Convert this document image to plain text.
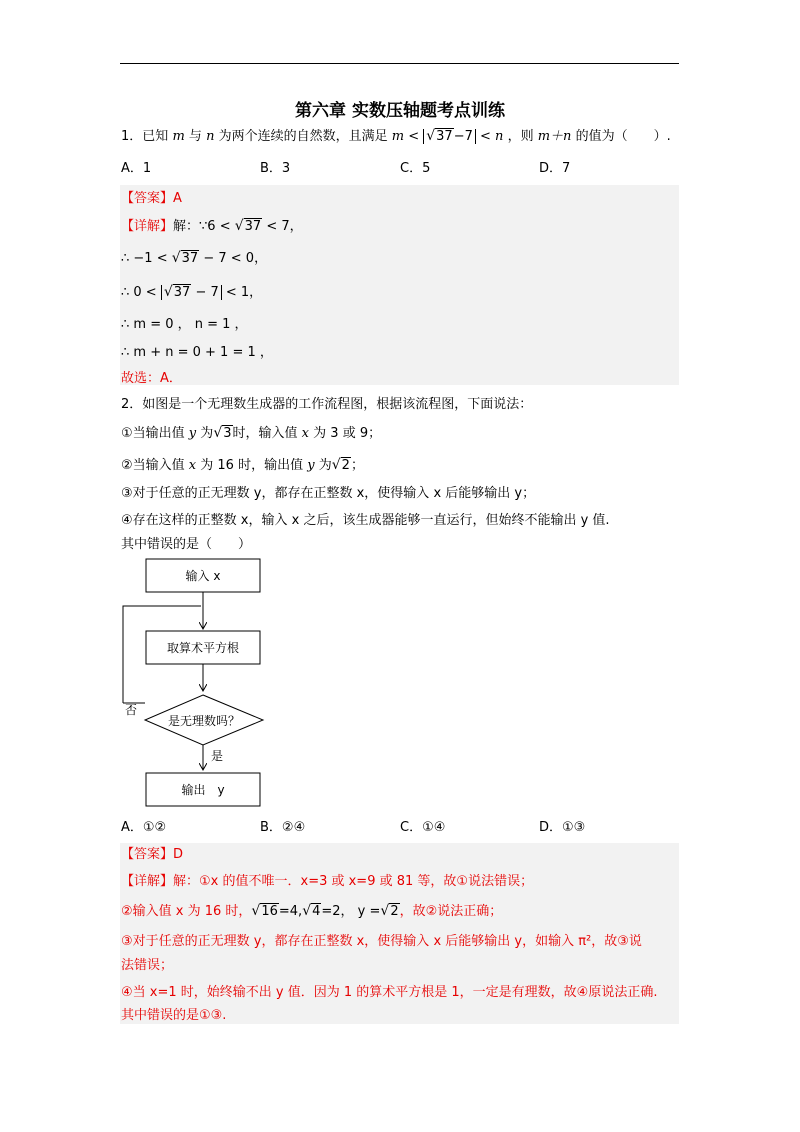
第六章 实数压轴题考点训练
1．已知 m 与 n 为两个连续的自然数，且满足 m < √37−7 < n ，则 m＋n 的值为（　　）.
A．1	B．3	C．5	D．7
【答案】A
【详解】解：∵6 < √37 < 7，
∴ −1 < √37 − 7 < 0，
∴ 0 < √37 − 7 < 1，
∴ m = 0 ， n = 1 ，
∴ m + n = 0 + 1 = 1 ，
故选：A．
2．如图是一个无理数生成器的工作流程图，根据该流程图，下面说法：
①当输出值 y 为√3时，输入值 x 为 3 或 9；
②当输入值 x 为 16 时，输出值 y 为√2；
③对于任意的正无理数 y，都存在正整数 x，使得输入 x 后能够输出 y；
④存在这样的正整数 x，输入 x 之后，该生成器能够一直运行，但始终不能输出 y 值.
其中错误的是（　　）
输入 x
取算术平方根
是无理数吗？
否
是
输出　y
A．①②	B．②④	C．①④	D．①③
【答案】D
【详解】解：①x 的值不唯一．x=3 或 x=9 或 81 等，故①说法错误；
②输入值 x 为 16 时，√16=4,√4=2， y =√2，故②说法正确；
③对于任意的正无理数 y，都存在正整数 x，使得输入 x 后能够输出 y，如输入 π²，故③说
法错误；
④当 x=1 时，始终输不出 y 值．因为 1 的算术平方根是 1，一定是有理数，故④原说法正确.
其中错误的是①③.
